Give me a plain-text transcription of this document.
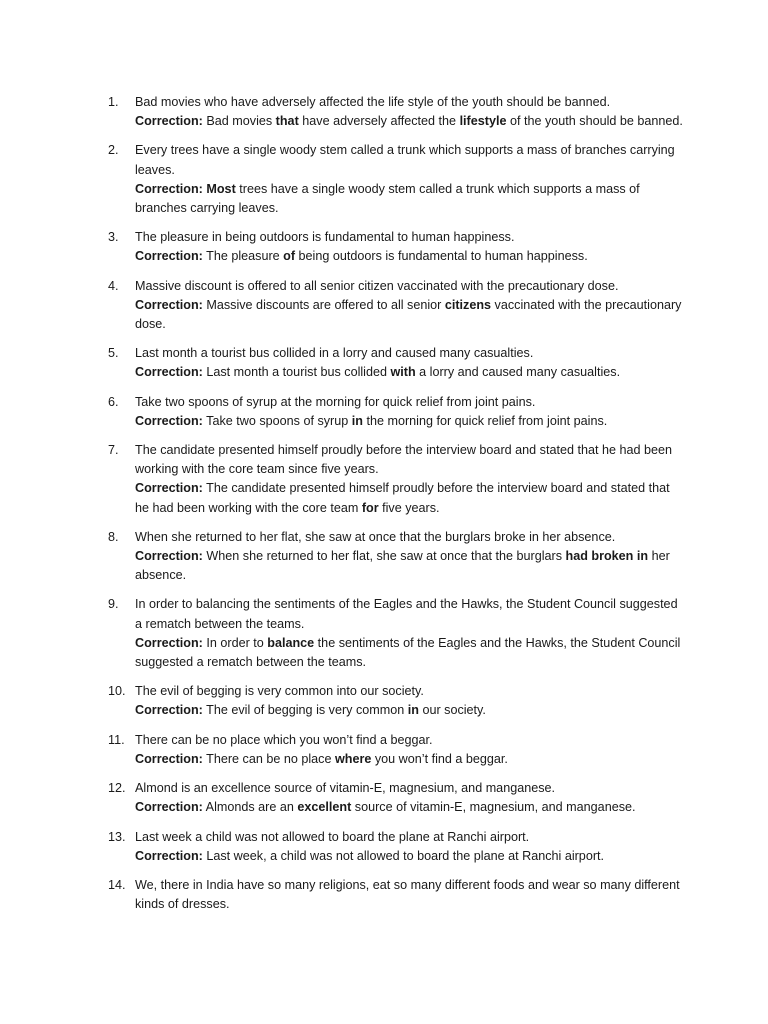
1.	Bad movies who have adversely affected the life style of the youth should be banned.
Correction: Bad movies that have adversely affected the lifestyle of the youth should be banned.
2.	Every trees have a single woody stem called a trunk which supports a mass of branches carrying leaves.
Correction: Most trees have a single woody stem called a trunk which supports a mass of branches carrying leaves.
3.	The pleasure in being outdoors is fundamental to human happiness.
Correction: The pleasure of being outdoors is fundamental to human happiness.
4.	Massive discount is offered to all senior citizen vaccinated with the precautionary dose.
Correction: Massive discounts are offered to all senior citizens vaccinated with the precautionary dose.
5.	Last month a tourist bus collided in a lorry and caused many casualties.
Correction: Last month a tourist bus collided with a lorry and caused many casualties.
6.	Take two spoons of syrup at the morning for quick relief from joint pains.
Correction: Take two spoons of syrup in the morning for quick relief from joint pains.
7.	The candidate presented himself proudly before the interview board and stated that he had been working with the core team since five years.
Correction: The candidate presented himself proudly before the interview board and stated that he had been working with the core team for five years.
8.	When she returned to her flat, she saw at once that the burglars broke in her absence.
Correction: When she returned to her flat, she saw at once that the burglars had broken in her absence.
9.	In order to balancing the sentiments of the Eagles and the Hawks, the Student Council suggested a rematch between the teams.
Correction: In order to balance the sentiments of the Eagles and the Hawks, the Student Council suggested a rematch between the teams.
10. The evil of begging is very common into our society.
Correction: The evil of begging is very common in our society.
11. There can be no place which you won’t find a beggar.
Correction: There can be no place where you won’t find a beggar.
12. Almond is an excellence source of vitamin-E, magnesium, and manganese.
Correction: Almonds are an excellent source of vitamin-E, magnesium, and manganese.
13. Last week a child was not allowed to board the plane at Ranchi airport.
Correction: Last week, a child was not allowed to board the plane at Ranchi airport.
14. We, there in India have so many religions, eat so many different foods and wear so many different kinds of dresses.
